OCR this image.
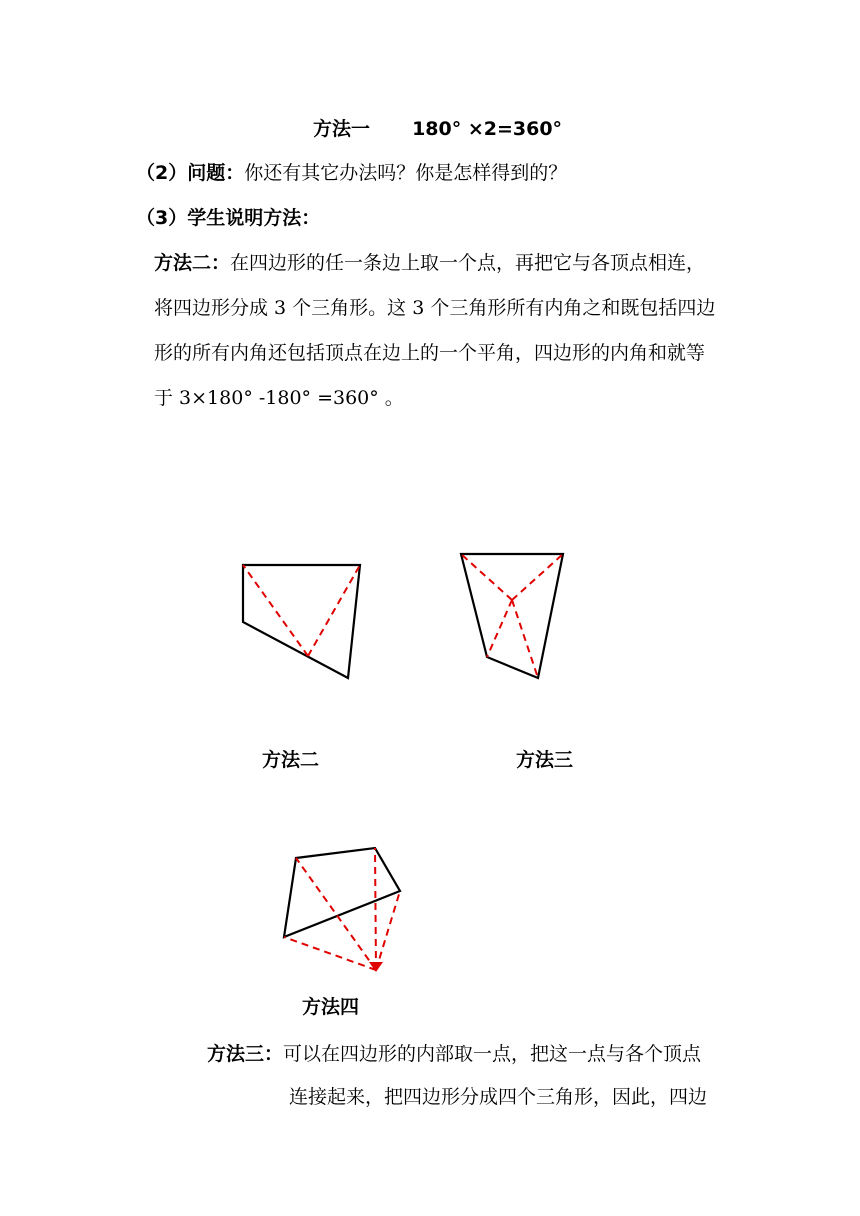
方法一 180° ×2=360°
（2）问题：你还有其它办法吗？你是怎样得到的？
（3）学生说明方法：
方法二：在四边形的任一条边上取一个点，再把它与各顶点相连，
将四边形分成 3 个三角形。这 3 个三角形所有内角之和既包括四边
形的所有内角还包括顶点在边上的一个平角，四边形的内角和就等
于 3×180° -180° =360° 。
方法二	方法三
方法四
方法三：可以在四边形的内部取一点，把这一点与各个顶点
连接起来，把四边形分成四个三角形，因此，四边
